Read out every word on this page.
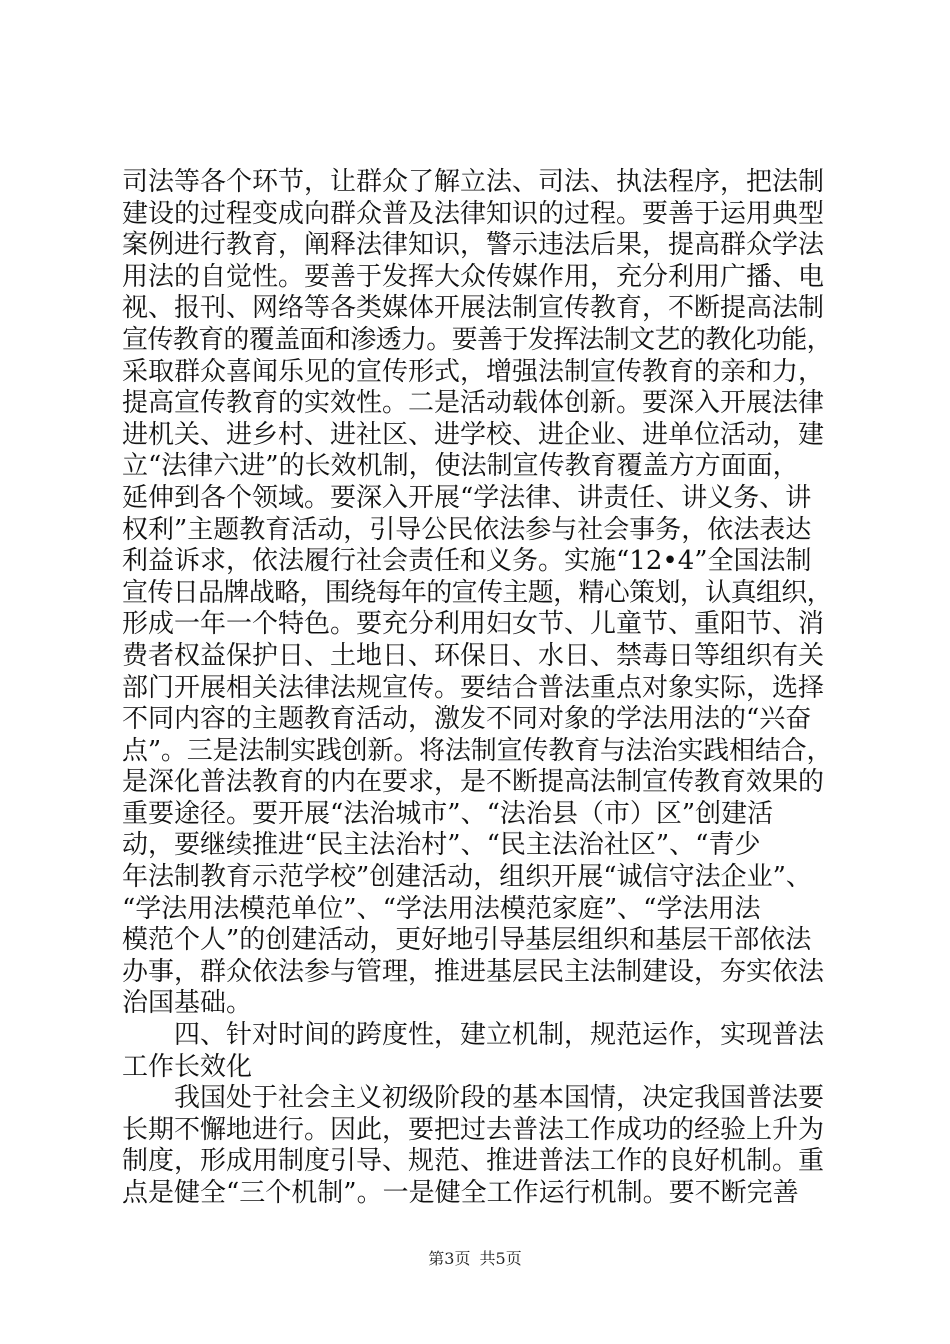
司法等各个环节，让群众了解立法、司法、执法程序，把法制
建设的过程变成向群众普及法律知识的过程。要善于运用典型
案例进行教育，阐释法律知识，警示违法后果，提高群众学法
用法的自觉性。要善于发挥大众传媒作用，充分利用广播、电
视、报刊、网络等各类媒体开展法制宣传教育，不断提高法制
宣传教育的覆盖面和渗透力。要善于发挥法制文艺的教化功能，
采取群众喜闻乐见的宣传形式，增强法制宣传教育的亲和力，
提高宣传教育的实效性。二是活动载体创新。要深入开展法律
进机关、进乡村、进社区、进学校、进企业、进单位活动，建
立“法律六进”的长效机制，使法制宣传教育覆盖方方面面，
延伸到各个领域。要深入开展“学法律、讲责任、讲义务、讲
权利”主题教育活动，引导公民依法参与社会事务，依法表达
利益诉求，依法履行社会责任和义务。实施“12•4”全国法制
宣传日品牌战略，围绕每年的宣传主题，精心策划，认真组织，
形成一年一个特色。要充分利用妇女节、儿童节、重阳节、消
费者权益保护日、土地日、环保日、水日、禁毒日等组织有关
部门开展相关法律法规宣传。要结合普法重点对象实际，选择
不同内容的主题教育活动，激发不同对象的学法用法的“兴奋
点”。三是法制实践创新。将法制宣传教育与法治实践相结合，
是深化普法教育的内在要求，是不断提高法制宣传教育效果的
重要途径。要开展“法治城市”、“法治县（市）区”创建活
动，要继续推进“民主法治村”、“民主法治社区”、“青少
年法制教育示范学校”创建活动，组织开展“诚信守法企业”、
“学法用法模范单位”、“学法用法模范家庭”、“学法用法
模范个人”的创建活动，更好地引导基层组织和基层干部依法
办事，群众依法参与管理，推进基层民主法制建设，夯实依法
治国基础。
　　四、针对时间的跨度性，建立机制，规范运作，实现普法
工作长效化
　　我国处于社会主义初级阶段的基本国情，决定我国普法要
长期不懈地进行。因此，要把过去普法工作成功的经验上升为
制度，形成用制度引导、规范、推进普法工作的良好机制。重
点是健全“三个机制”。一是健全工作运行机制。要不断完善
第3页 共5页
